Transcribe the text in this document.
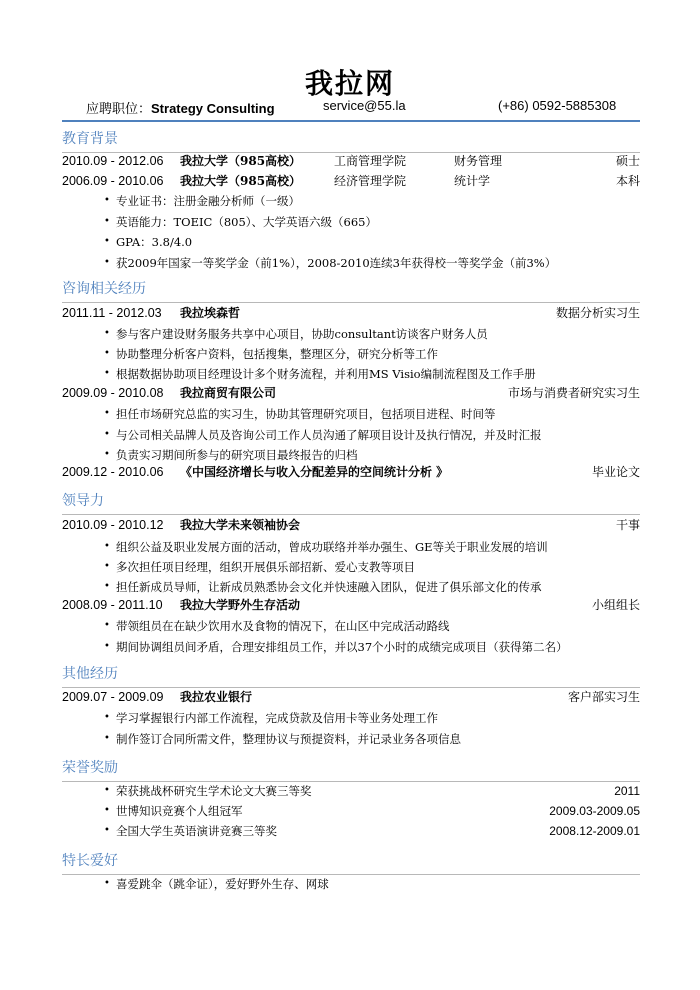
我拉网
应聘职位：Strategy Consulting	service@55.la	(+86) 0592-5885308
教育背景
2010.09 - 2012.06 我拉大学（985高校）	工商管理学院	财务管理	硕士
2006.09 - 2010.06 我拉大学（985高校）	经济管理学院	统计学	本科
• 专业证书：注册金融分析师（一级）
• 英语能力：TOEIC（805）、大学英语六级（665）
• GPA：3.8/4.0
• 获2009年国家一等奖学金（前1%），2008-2010连续3年获得校一等奖学金（前3%）
咨询相关经历
2011.11 - 2012.03 我拉埃森哲	数据分析实习生
• 参与客户建设财务服务共享中心项目，协助consultant访谈客户财务人员
• 协助整理分析客户资料，包括搜集，整理区分，研究分析等工作
• 根据数据协助项目经理设计多个财务流程，并利用MS Visio编制流程图及工作手册
2009.09 - 2010.08 我拉商贸有限公司	市场与消费者研究实习生
• 担任市场研究总监的实习生，协助其管理研究项目，包括项目进程、时间等
• 与公司相关品牌人员及咨询公司工作人员沟通了解项目设计及执行情况，并及时汇报
• 负责实习期间所参与的研究项目最终报告的归档
2009.12 - 2010.06 《中国经济增长与收入分配差异的空间统计分析 》	毕业论文
领导力
2010.09 - 2010.12 我拉大学未来领袖协会	干事
• 组织公益及职业发展方面的活动，曾成功联络并举办强生、GE等关于职业发展的培训
• 多次担任项目经理，组织开展俱乐部招新、爱心支教等项目
• 担任新成员导师，让新成员熟悉协会文化并快速融入团队，促进了俱乐部文化的传承
2008.09 - 2011.10 我拉大学野外生存活动	小组组长
• 带领组员在在缺少饮用水及食物的情况下，在山区中完成活动路线
• 期间协调组员间矛盾，合理安排组员工作，并以37个小时的成绩完成项目（获得第二名）
其他经历
2009.07 - 2009.09 我拉农业银行	客户部实习生
• 学习掌握银行内部工作流程，完成贷款及信用卡等业务处理工作
• 制作签订合同所需文件，整理协议与预提资料，并记录业务各项信息
荣誉奖励
• 荣获挑战杯研究生学术论文大赛三等奖	2011
• 世博知识竞赛个人组冠军	2009.03-2009.05
• 全国大学生英语演讲竞赛三等奖	2008.12-2009.01
特长爱好
• 喜爱跳伞（跳伞证），爱好野外生存、网球
